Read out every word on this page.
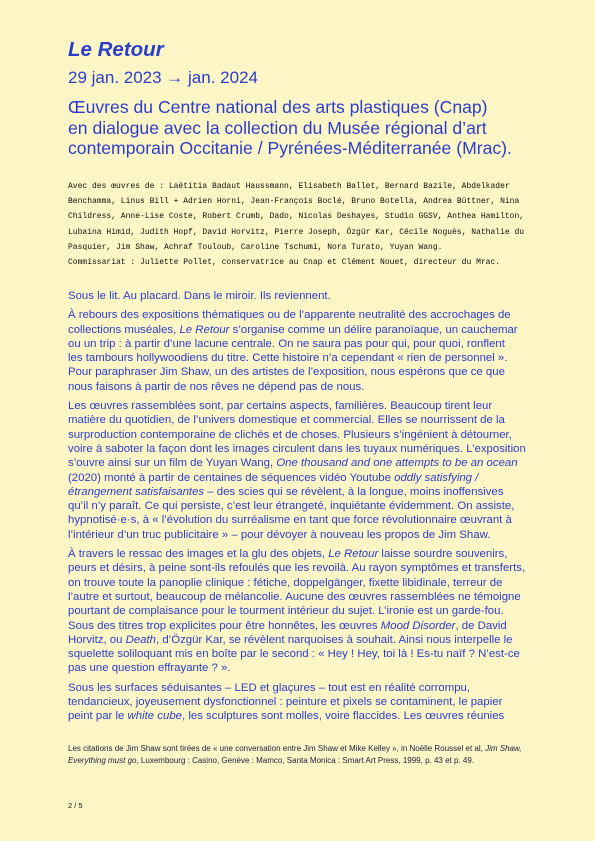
Le Retour
29 jan. 2023 → jan. 2024
Œuvres du Centre national des arts plastiques (Cnap)
en dialogue avec la collection du Musée régional d’art
contemporain Occitanie / Pyrénées-Méditerranée (Mrac).
Avec des œuvres de : Laëtitia Badaut Haussmann, Elisabeth Ballet, Bernard Bazile, Abdelkader
Benchamma, Linus Bill + Adrien Horni, Jean-François Boclé, Bruno Botella, Andrea Büttner, Nina
Childress, Anne-Lise Coste, Robert Crumb, Dado, Nicolas Deshayes, Studio GGSV, Anthea Hamilton,
Lubaina Himid, Judith Hopf, David Horvitz, Pierre Joseph, Özgür Kar, Cécile Noguès, Nathalie du
Pasquier, Jim Shaw, Achraf Touloub, Caroline Tschumi, Nora Turato, Yuyan Wang.
Commissariat : Juliette Pollet, conservatrice au Cnap et Clément Nouet, directeur du Mrac.
Sous le lit. Au placard. Dans le miroir. Ils reviennent.
À rebours des expositions thématiques ou de l’apparente neutralité des accrochages de
collections muséales, Le Retour s’organise comme un délire paranoïaque, un cauchemar
ou un trip : à partir d’une lacune centrale. On ne saura pas pour qui, pour quoi, ronflent
les tambours hollywoodiens du titre. Cette histoire n’a cependant « rien de personnel ».
Pour paraphraser Jim Shaw, un des artistes de l’exposition, nous espérons que ce que
nous faisons à partir de nos rêves ne dépend pas de nous.
Les œuvres rassemblées sont, par certains aspects, familières. Beaucoup tirent leur
matière du quotidien, de l’univers domestique et commercial. Elles se nourrissent de la
surproduction contemporaine de clichés et de choses. Plusieurs s’ingénient à détourner,
voire à saboter la façon dont les images circulent dans les tuyaux numériques. L’exposition
s’ouvre ainsi sur un film de Yuyan Wang, One thousand and one attempts to be an ocean
(2020) monté à partir de centaines de séquences vidéo Youtube oddly satisfying /
étrangement satisfaisantes – des scies qui se révèlent, à la longue, moins inoffensives
qu’il n’y paraît. Ce qui persiste, c’est leur étrangeté, inquiétante évidemment. On assiste,
hypnotisé·e·s, à « l’évolution du surréalisme en tant que force révolutionnaire œuvrant à
l’intérieur d’un truc publicitaire » – pour dévoyer à nouveau les propos de Jim Shaw.
À travers le ressac des images et la glu des objets, Le Retour laisse sourdre souvenirs,
peurs et désirs, à peine sont-ils refoulés que les revoilà. Au rayon symptômes et transferts,
on trouve toute la panoplie clinique : fétiche, doppelgänger, fixette libidinale, terreur de
l’autre et surtout, beaucoup de mélancolie. Aucune des œuvres rassemblées ne témoigne
pourtant de complaisance pour le tourment intérieur du sujet. L’ironie est un garde-fou.
Sous des titres trop explicites pour être honnêtes, les œuvres Mood Disorder, de David
Horvitz, ou Death, d’Özgür Kar, se révèlent narquoises à souhait. Ainsi nous interpelle le
squelette soliloquant mis en boîte par le second : « Hey ! Hey, toi là ! Es-tu naïf ? N’est-ce
pas une question effrayante ? ».
Sous les surfaces séduisantes – LED et glaçures – tout est en réalité corrompu,
tendancieux, joyeusement dysfonctionnel : peinture et pixels se contaminent, le papier
peint par le white cube, les sculptures sont molles, voire flaccides. Les œuvres réunies
Les citations de Jim Shaw sont tirées de « une conversation entre Jim Shaw et Mike Kelley », in Noëlle Roussel et al, Jim Shaw,
Everything must go, Luxembourg : Casino, Genève : Mamco, Santa Monica : Smart Art Press, 1999, p. 43 et p. 49.
2 / 5
